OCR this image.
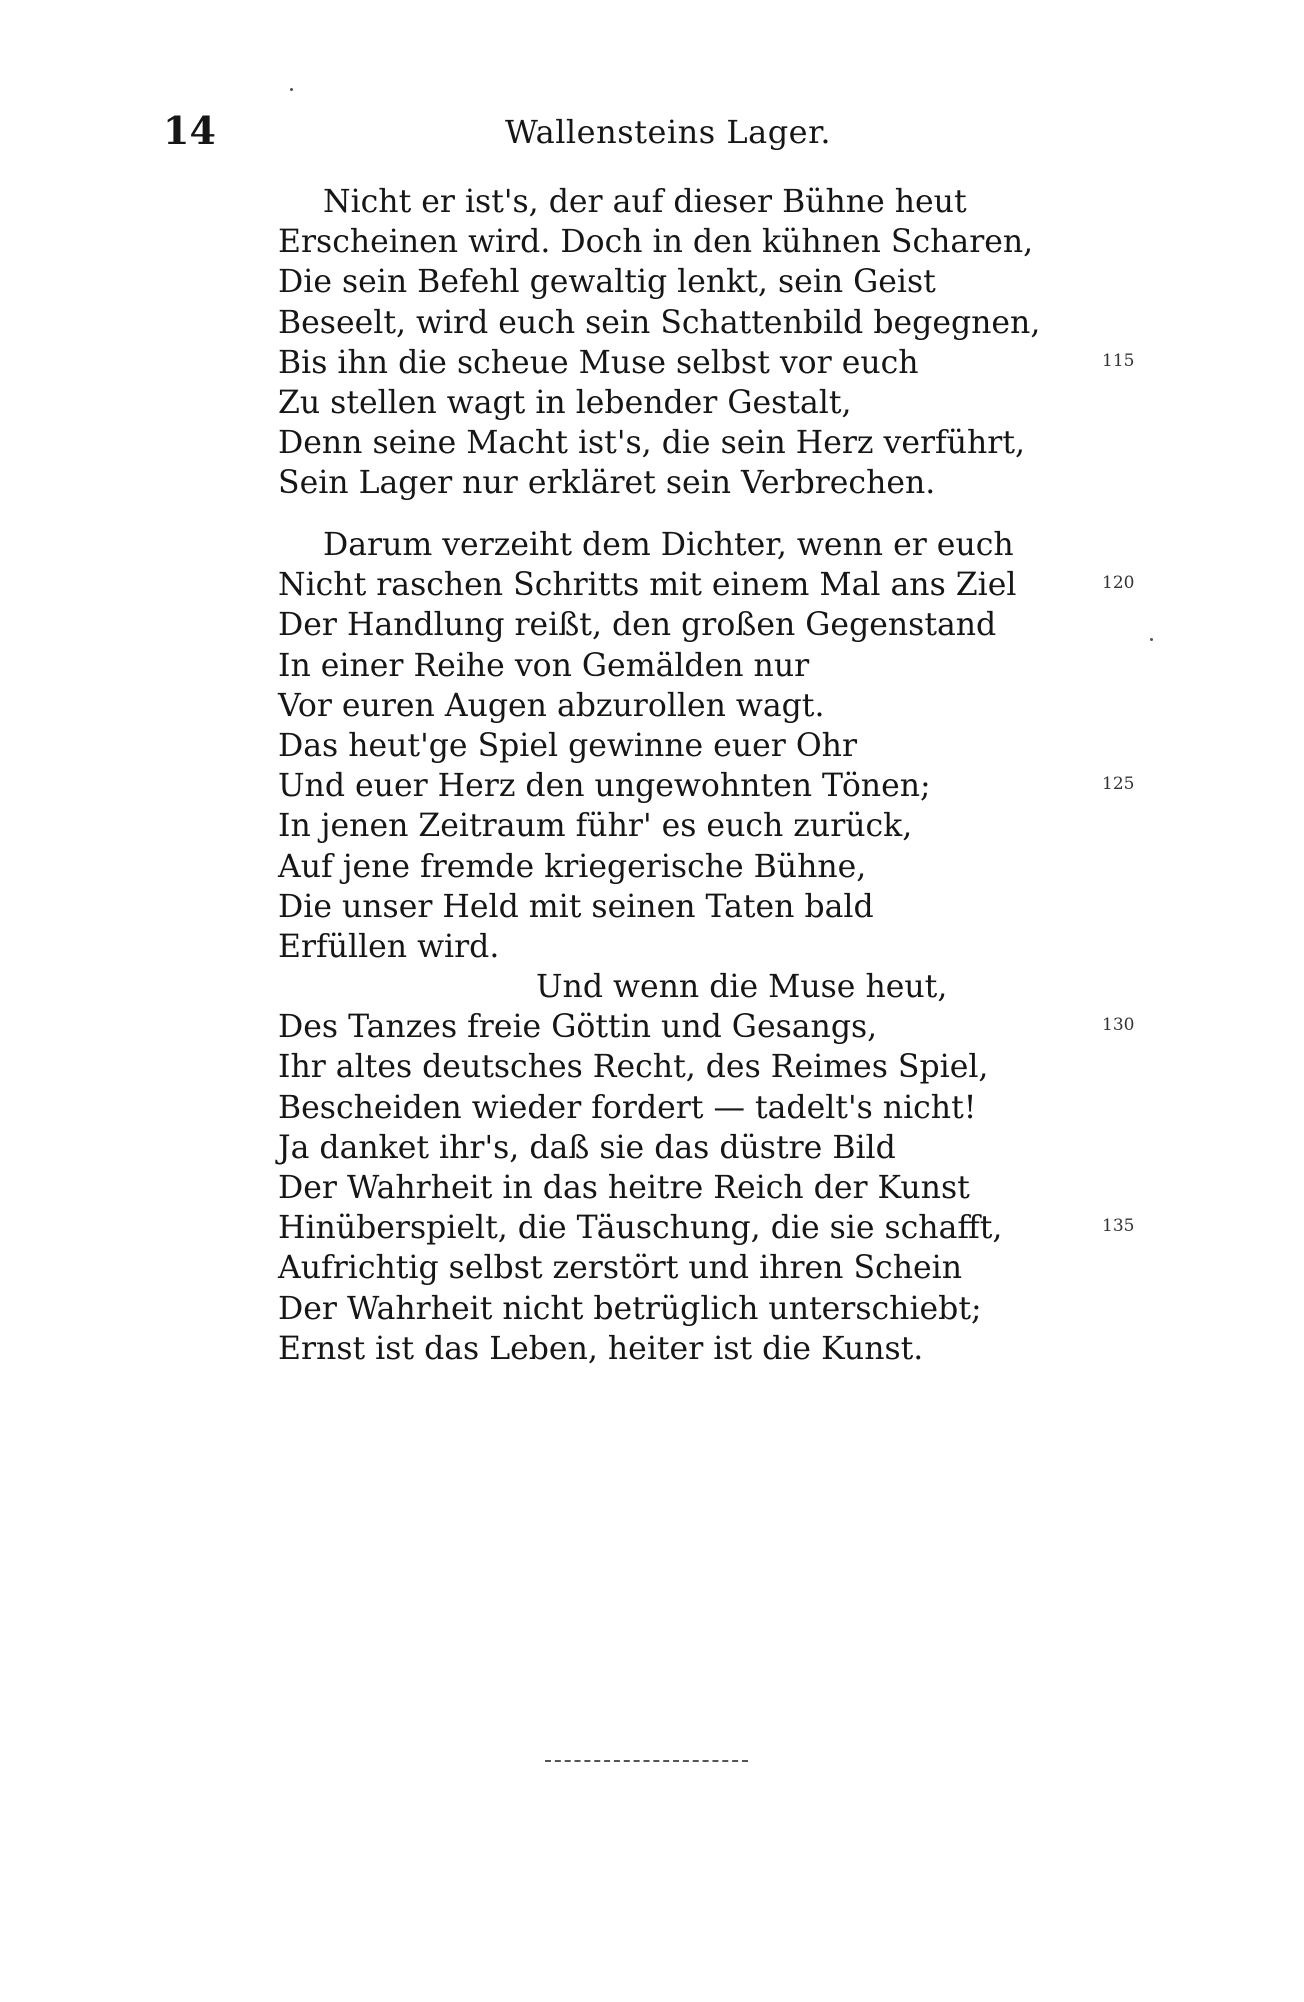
14	Wallensteins Lager.
Nicht er ist's, der auf dieser Bühne heut
Erscheinen wird. Doch in den kühnen Scharen,
Die sein Befehl gewaltig lenkt, sein Geist
Beseelt, wird euch sein Schattenbild begegnen,
Bis ihn die scheue Muse selbst vor euch	115
Zu stellen wagt in lebender Gestalt,
Denn seine Macht ist's, die sein Herz verführt,
Sein Lager nur erkläret sein Verbrechen.
Darum verzeiht dem Dichter, wenn er euch
Nicht raschen Schritts mit einem Mal ans Ziel	120
Der Handlung reißt, den großen Gegenstand
In einer Reihe von Gemälden nur
Vor euren Augen abzurollen wagt.
Das heut'ge Spiel gewinne euer Ohr
Und euer Herz den ungewohnten Tönen;	125
In jenen Zeitraum führ' es euch zurück,
Auf jene fremde kriegerische Bühne,
Die unser Held mit seinen Taten bald
Erfüllen wird.
Und wenn die Muse heut,
Des Tanzes freie Göttin und Gesangs,	130
Ihr altes deutsches Recht, des Reimes Spiel,
Bescheiden wieder fordert — tadelt's nicht!
Ja danket ihr's, daß sie das düstre Bild
Der Wahrheit in das heitre Reich der Kunst
Hinüberspielt, die Täuschung, die sie schafft,	135
Aufrichtig selbst zerstört und ihren Schein
Der Wahrheit nicht betrüglich unterschiebt;
Ernst ist das Leben, heiter ist die Kunst.
